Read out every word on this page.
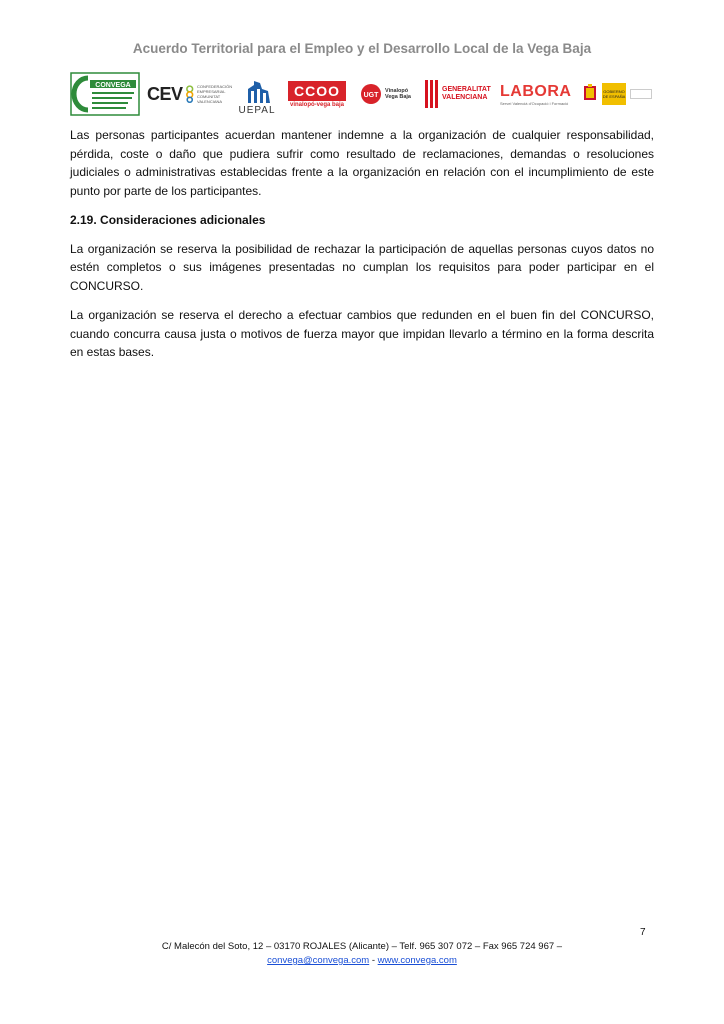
Acuerdo Territorial para el Empleo y el Desarrollo Local de la Vega Baja
CONVEGA CEV	CONFEDERACIÓN EMPRESARIAL COMUNITAT VALENCIANA
UEPAL
CCOO
vinalopó-vega baja
UGT
Vinalopó Vega Baja
GENERALITAT
VALENCIANA LABORA
Servei Valencià d'Ocupació i Formació
GOBIERNO DE ESPAÑA

Las personas participantes acuerdan mantener indemne a la organización de cualquier responsabilidad, pérdida, coste o daño que pudiera sufrir como resultado de reclamaciones, demandas o resoluciones judiciales o administrativas establecidas frente a la organización en relación con el incumplimiento de este punto por parte de los participantes.

2.19. Consideraciones adicionales

La organización se reserva la posibilidad de rechazar la participación de aquellas personas cuyos datos no estén completos o sus imágenes presentadas no cumplan los requisitos para poder participar en el CONCURSO.

La organización se reserva el derecho a efectuar cambios que redunden en el buen fin del CONCURSO, cuando concurra causa justa o motivos de fuerza mayor que impidan llevarlo a término en la forma descrita en estas bases.

7
C/ Malecón del Soto, 12 – 03170 ROJALES (Alicante) – Telf. 965 307 072 – Fax 965 724 967 –
convega@convega.com - www.convega.com
